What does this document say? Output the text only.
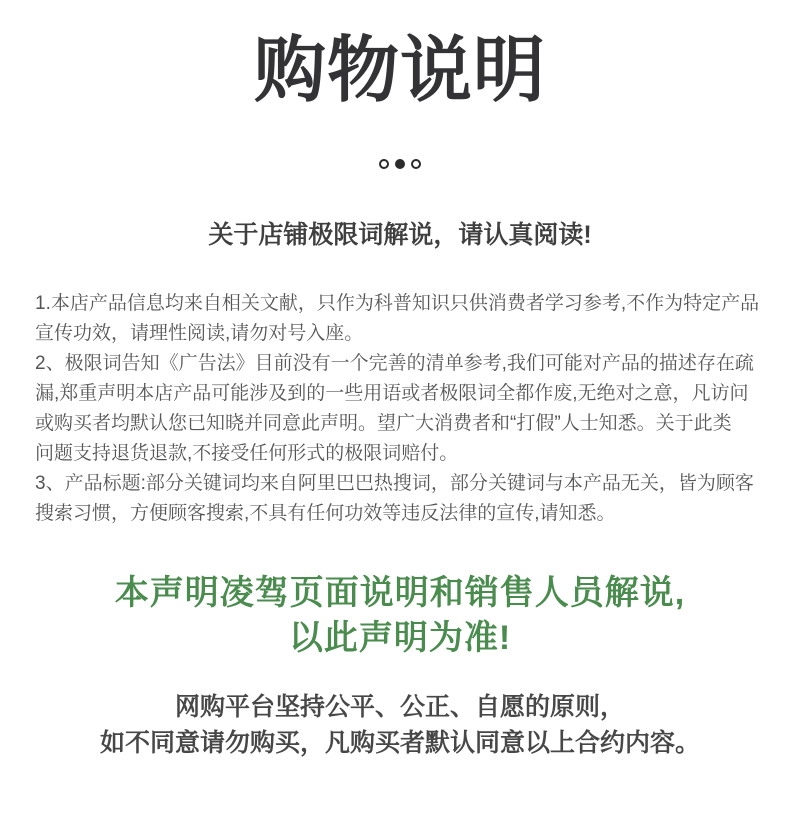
购物说明
关于店铺极限词解说，请认真阅读!

1.本店产品信息均来自相关文献，只作为科普知识只供消费者学习参考,不作为特定产品
宣传功效，请理性阅读,请勿对号入座。

2、极限词告知《广告法》目前没有一个完善的清单参考,我们可能对产品的描述存在疏
漏,郑重声明本店产品可能涉及到的一些用语或者极限词全都作废,无绝对之意，凡访问
或购买者均默认您已知晓并同意此声明。望广大消费者和“打假”人士知悉。关于此类
问题支持退货退款,不接受任何形式的极限词赔付。

3、产品标题:部分关键词均来自阿里巴巴热搜词，部分关键词与本产品无关，皆为顾客
搜索习惯，方便顾客搜索,不具有任何功效等违反法律的宣传,请知悉。

本声明凌驾页面说明和销售人员解说,
以此声明为准!
网购平台坚持公平、公正、自愿的原则，
如不同意请勿购买，凡购买者默认同意以上合约内容。
